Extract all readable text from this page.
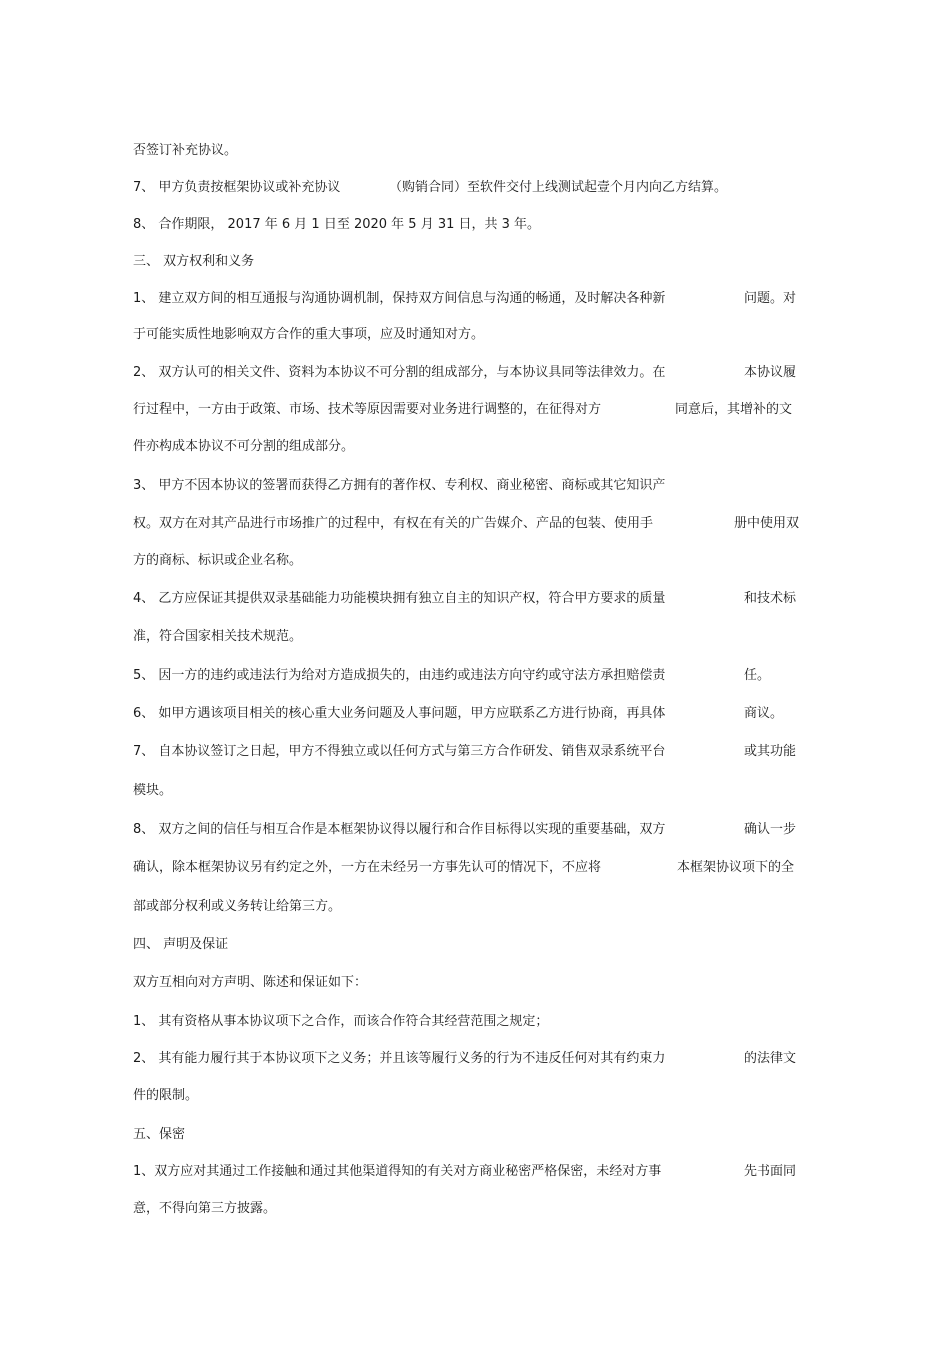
否签订补充协议。
7、 甲方负责按框架协议或补充协议	（购销合同）至软件交付上线测试起壹个月内向乙方结算。
8、 合作期限， 2017 年 6 月 1 日至 2020 年 5 月 31 日，共 3 年。
三、 双方权利和义务
1、 建立双方间的相互通报与沟通协调机制，保持双方间信息与沟通的畅通，及时解决各种新	问题。对
于可能实质性地影响双方合作的重大事项，应及时通知对方。
2、 双方认可的相关文件、资料为本协议不可分割的组成部分，与本协议具同等法律效力。在	本协议履
行过程中，一方由于政策、市场、技术等原因需要对业务进行调整的，在征得对方	同意后，其增补的文
件亦构成本协议不可分割的组成部分。
3、 甲方不因本协议的签署而获得乙方拥有的著作权、专利权、商业秘密、商标或其它知识产
权。双方在对其产品进行市场推广的过程中，有权在有关的广告媒介、产品的包装、使用手	册中使用双
方的商标、标识或企业名称。
4、 乙方应保证其提供双录基础能力功能模块拥有独立自主的知识产权，符合甲方要求的质量	和技术标
准，符合国家相关技术规范。
5、 因一方的违约或违法行为给对方造成损失的，由违约或违法方向守约或守法方承担赔偿责	任。
6、 如甲方遇该项目相关的核心重大业务问题及人事问题，甲方应联系乙方进行协商，再具体	商议。
7、 自本协议签订之日起，甲方不得独立或以任何方式与第三方合作研发、销售双录系统平台	或其功能
模块。
8、 双方之间的信任与相互合作是本框架协议得以履行和合作目标得以实现的重要基础，双方	确认一步
确认，除本框架协议另有约定之外，一方在未经另一方事先认可的情况下，不应将	本框架协议项下的全
部或部分权利或义务转让给第三方。
四、 声明及保证
双方互相向对方声明、陈述和保证如下：
1、 其有资格从事本协议项下之合作，而该合作符合其经营范围之规定；
2、 其有能力履行其于本协议项下之义务；并且该等履行义务的行为不违反任何对其有约束力	的法律文
件的限制。
五、保密
1、双方应对其通过工作接触和通过其他渠道得知的有关对方商业秘密严格保密，未经对方事	先书面同
意，不得向第三方披露。
